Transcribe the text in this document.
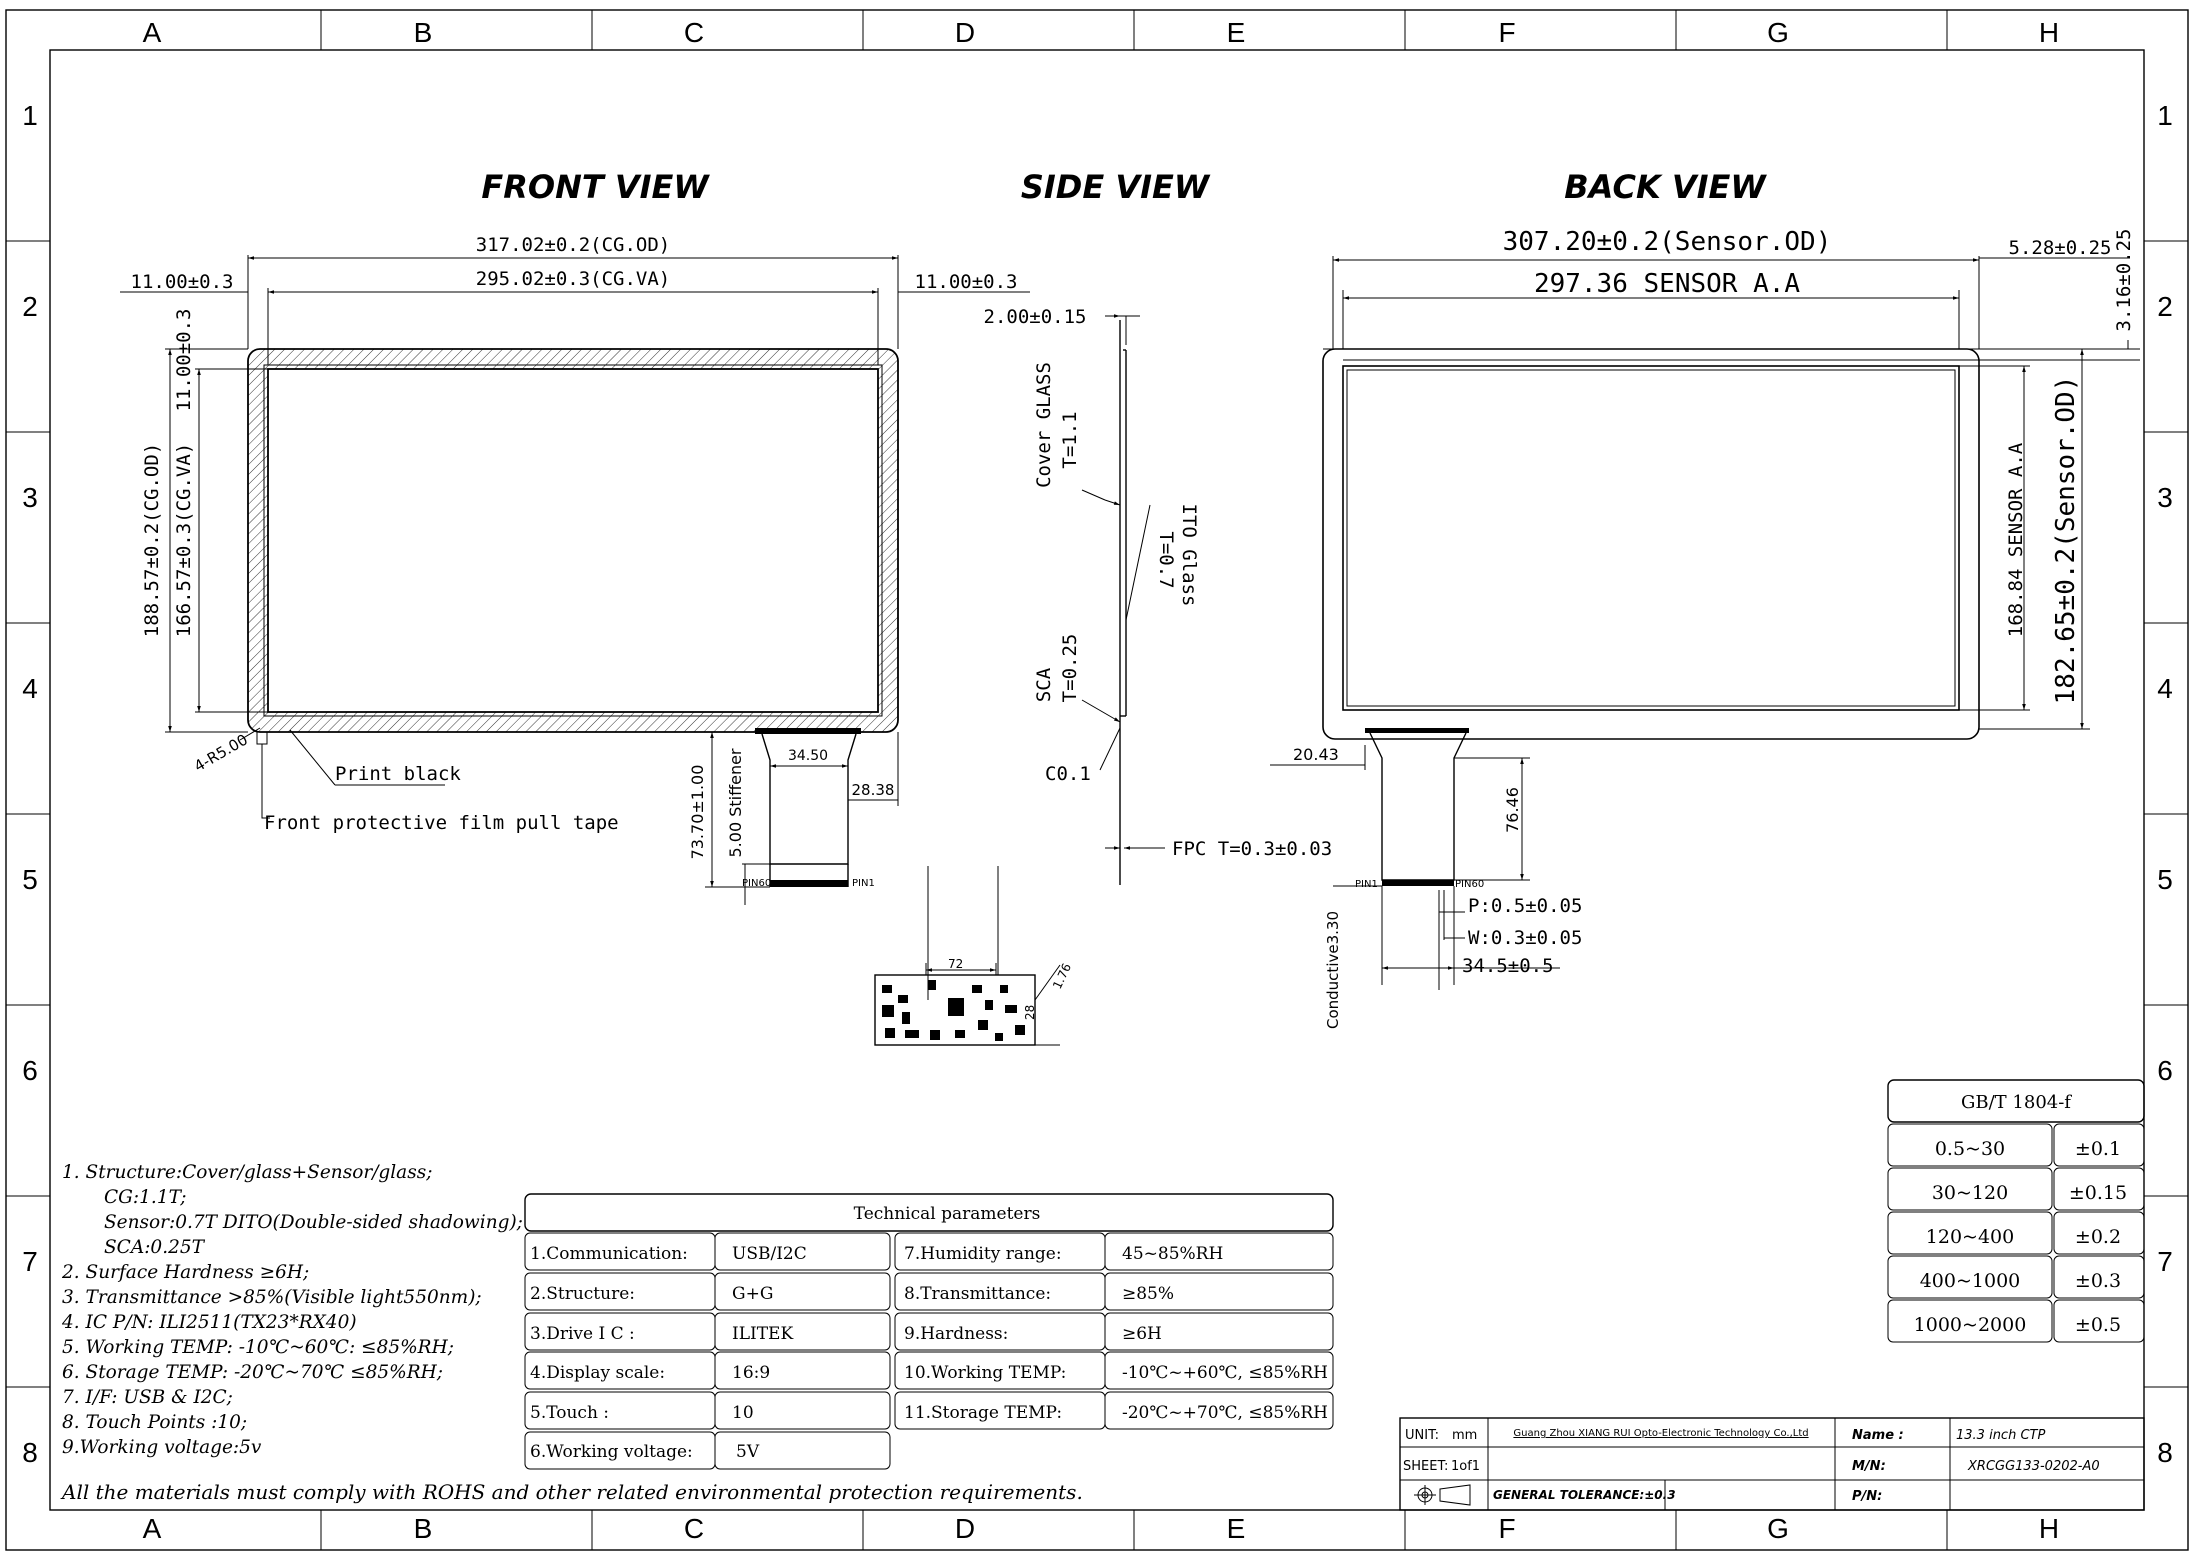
A	B	C	D	E	F	G	H
A	B	C	D	E	F	G	H
1
2
3
4
5
6
7
8
1
2
3
4
5
6
7
8
FRONT VIEW	SIDE VIEW	BACK VIEW
317.02±0.2(CG.OD)
295.02±0.3(CG.VA)
11.00±0.3	11.00±0.3
188.57±0.2(CG.OD) 166.57±0.3(CG.VA)
11.00±0.3
4-R5.00	Print black
Front protective film pull tape
34.50
28.38
73.70±1.00 5.00 Stiffener
PIN60	PIN1
2.00±0.15
Cover GLASS T=1.1
ITO Glass
T=0.7
SCA T=0.25
C0.1
FPC T=0.3±0.03
72
28
1.76
307.20±0.2(Sensor.OD)
297.36 SENSOR A.A
5.28±0.25 3.16±0.25
168.84 SENSOR A.A 182.65±0.2(Sensor.OD)
PIN1	PIN60
20.43
76.46
P:0.5±0.05
W:0.3±0.05
34.5±0.5
Conductive3.30
1. Structure:Cover/glass+Sensor/glass;
CG:1.1T;
Sensor:0.7T DITO(Double-sided shadowing);
SCA:0.25T
2. Surface Hardness ≥6H;
3. Transmittance >85%(Visible light550nm);
4. IC P/N: ILI2511(TX23*RX40)
5. Working TEMP: -10℃~60℃: ≤85%RH;
6. Storage TEMP: -20℃~70℃ ≤85%RH;
7. I/F: USB & I2C;
8. Touch Points :10;
9.Working voltage:5v
All the materials must comply with ROHS and other related environmental protection requirements.
Technical parameters
1.Communication:	USB/I2C
2.Structure:	G+G
3.Drive I C :	ILITEK
4.Display scale:	16:9
5.Touch :	10
6.Working voltage:	5V
7.Humidity range:	45~85%RH
8.Transmittance:	≥85%
9.Hardness:	≥6H
10.Working TEMP:	-10℃~+60℃, ≤85%RH
11.Storage TEMP:	-20℃~+70℃, ≤85%RH
GB/T 1804-f
0.5~30	±0.1
30~120	±0.15
120~400	±0.2
400~1000	±0.3
1000~2000	±0.5
UNIT: mm	Guang Zhou XIANG RUI Opto-Electronic Technology Co.,Ltd	Name :	13.3 inch CTP
SHEET: 1of1	M/N:	XRCGG133-0202-A0
GENERAL TOLERANCE:±0.3	P/N:
